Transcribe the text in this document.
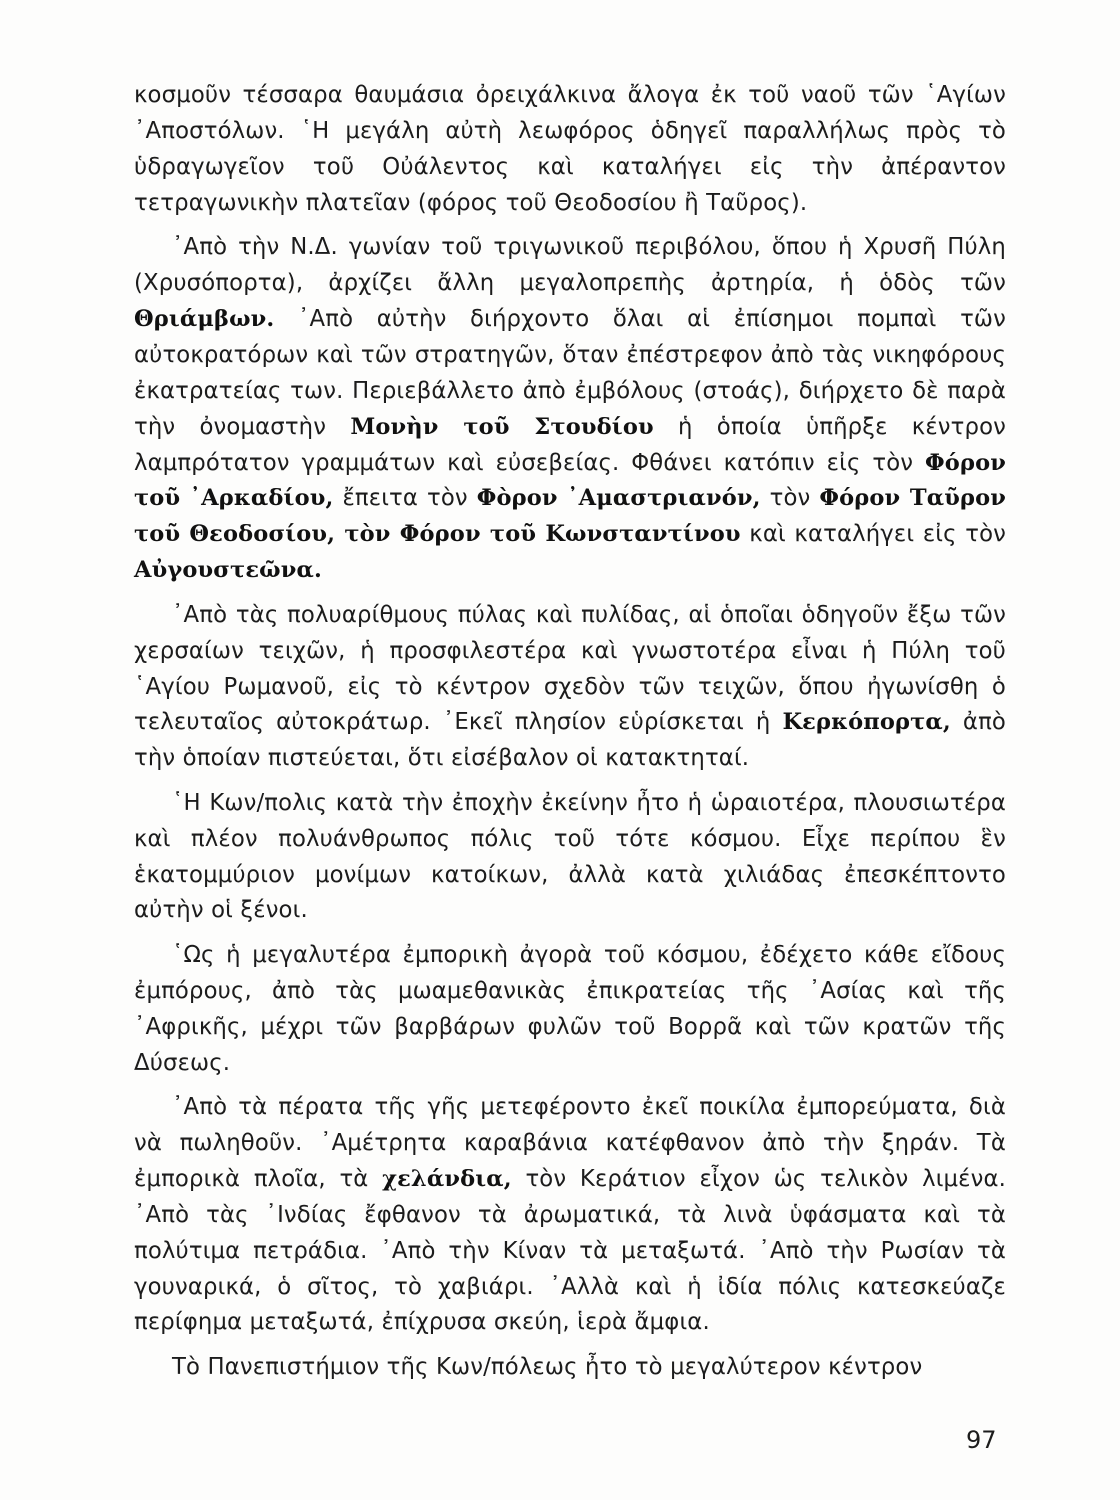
κοσμοῦν τέσσαρα θαυμάσια ὀρειχάλκινα ἄλογα ἐκ τοῦ ναοῦ τῶν ῾Αγίων ᾿Αποστόλων. ῾Η μεγάλη αὐτὴ λεωφόρος ὁδηγεῖ παραλλήλως πρὸς τὸ ὑδραγωγεῖον τοῦ Οὐάλεντος καὶ καταλήγει εἰς τὴν ἀπέραντον τετραγωνικὴν πλατεῖαν (φόρος τοῦ Θεοδοσίου ἢ Ταῦρος).

᾿Απὸ τὴν Ν.Δ. γωνίαν τοῦ τριγωνικοῦ περιβόλου, ὅπου ἡ Χρυσῆ Πύλη (Χρυσόπορτα), ἀρχίζει ἄλλη μεγαλοπρεπὴς ἀρτηρία, ἡ ὁδὸς τῶν Θριάμβων. ᾿Απὸ αὐτὴν διήρχοντο ὅλαι αἱ ἐπίσημοι πομπαὶ τῶν αὐτοκρατόρων καὶ τῶν στρατηγῶν, ὅταν ἐπέστρεφον ἀπὸ τὰς νικηφόρους ἐκατρατείας των. Περιεβάλλετο ἀπὸ ἐμβόλους (στοάς), διήρχετο δὲ παρὰ τὴν ὀνομαστὴν Μονὴν τοῦ Στουδίου ἡ ὁποία ὑπῆρξε κέντρον λαμπρότατον γραμμάτων καὶ εὐσεβείας. Φθάνει κατόπιν εἰς τὸν Φόρον τοῦ ᾿Αρκαδίου, ἔπειτα τὸν Φὸρον ᾿Αμαστριανόν, τὸν Φόρον Ταῦρον τοῦ Θεοδοσίου, τὸν Φόρον τοῦ Κωνσταντίνου καὶ καταλήγει εἰς τὸν Αὐγουστεῶνα.

᾿Απὸ τὰς πολυαρίθμους πύλας καὶ πυλίδας, αἱ ὁποῖαι ὁδηγοῦν ἔξω τῶν χερσαίων τειχῶν, ἡ προσφιλεστέρα καὶ γνωστοτέρα εἶναι ἡ Πύλη τοῦ ῾Αγίου Ρωμανοῦ, εἰς τὸ κέντρον σχεδὸν τῶν τειχῶν, ὅπου ἠγωνίσθη ὁ τελευταῖος αὐτοκράτωρ. ᾿Εκεῖ πλησίον εὑρίσκεται ἡ Κερκόπορτα, ἀπὸ τὴν ὁποίαν πιστεύεται, ὅτι εἰσέβαλον οἱ κατακτηταί.

῾Η Κων/πολις κατὰ τὴν ἐποχὴν ἐκείνην ἦτο ἡ ὡραιοτέρα, πλουσιωτέρα καὶ πλέον πολυάνθρωπος πόλις τοῦ τότε κόσμου. Εἶχε περίπου ἓν ἑκατομμύριον μονίμων κατοίκων, ἀλλὰ κατὰ χιλιάδας ἐπεσκέπτοντο αὐτὴν οἱ ξένοι.

῾Ως ἡ μεγαλυτέρα ἐμπορικὴ ἀγορὰ τοῦ κόσμου, ἐδέχετο κάθε εἴδους ἐμπόρους, ἀπὸ τὰς μωαμεθανικὰς ἐπικρατείας τῆς ᾿Ασίας καὶ τῆς ᾿Αφρικῆς, μέχρι τῶν βαρβάρων φυλῶν τοῦ Βορρᾶ καὶ τῶν κρατῶν τῆς Δύσεως.

᾿Απὸ τὰ πέρατα τῆς γῆς μετεφέροντο ἐκεῖ ποικίλα ἐμπορεύματα, διὰ νὰ πωληθοῦν. ᾿Αμέτρητα καραβάνια κατέφθανον ἀπὸ τὴν ξηράν. Τὰ ἐμπορικὰ πλοῖα, τὰ χελάνδια, τὸν Κεράτιον εἶχον ὡς τελικὸν λιμένα. ᾿Απὸ τὰς ᾿Ινδίας ἔφθανον τὰ ἀρωματικά, τὰ λινὰ ὑφάσματα καὶ τὰ πολύτιμα πετράδια. ᾿Απὸ τὴν Κίναν τὰ μεταξωτά. ᾿Απὸ τὴν Ρωσίαν τὰ γουναρικά, ὁ σῖτος, τὸ χαβιάρι. ᾿Αλλὰ καὶ ἡ ἰδία πόλις κατεσκεύαζε περίφημα μεταξωτά, ἐπίχρυσα σκεύη, ἱερὰ ἄμφια.

Τὸ Πανεπιστήμιον τῆς Κων/πόλεως ἦτο τὸ μεγαλύτερον κέντρον

97
